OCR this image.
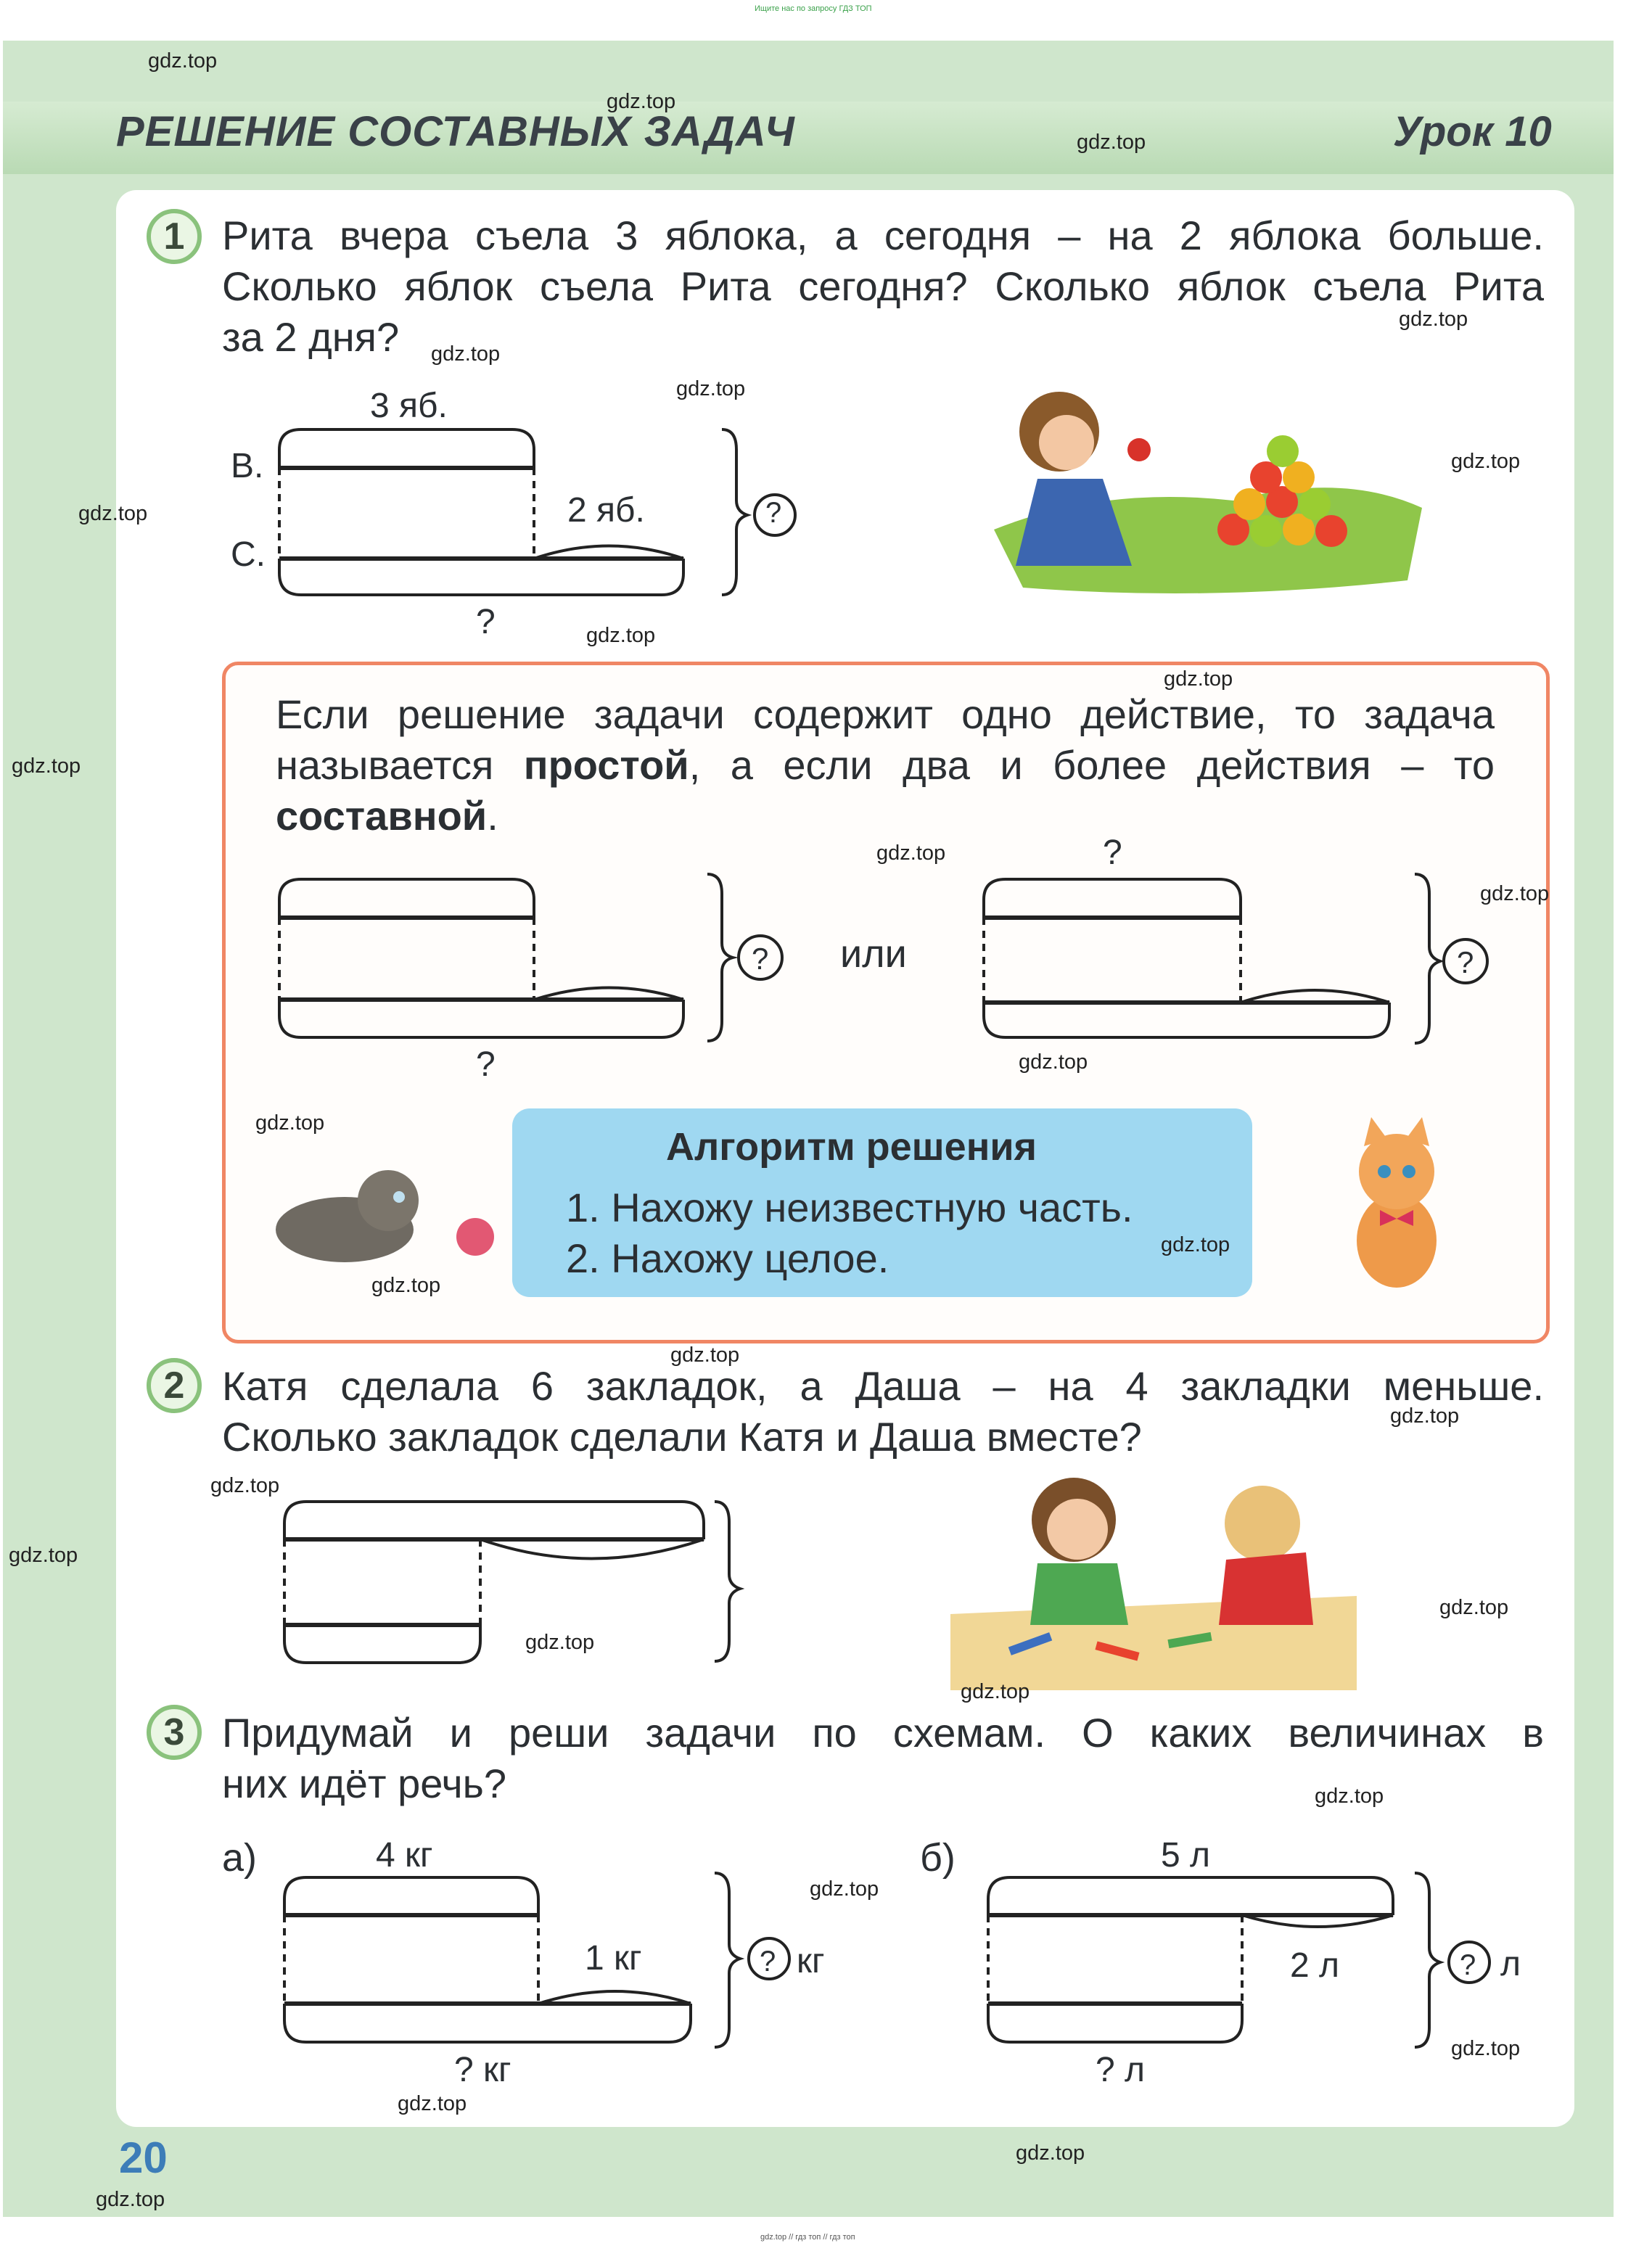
Ищите нас по запросу ГДЗ ТОП
РЕШЕНИЕ СОСТАВНЫХ ЗАДАЧ	Урок 10
1 Рита вчера съела 3 яблока, а сегодня – на 2 яблока больше.
Сколько яблок съела Рита сегодня? Сколько яблок съела Рита
за 2 дня?
3 яб.
В.
С.
2 яб.
?
?
Если решение задачи содержит одно действие, то задача
называется простой, а если два и более действия – то
составной.
?
? или
?
?
Алгоритм решения
1. Нахожу неизвестную часть.
2. Нахожу целое.
2 Катя сделала 6 закладок, а Даша – на 4 закладки меньше.
Сколько закладок сделали Катя и Даша вместе?
3 Придумай и реши задачи по схемам. О каких величинах в
них идёт речь?
а)	4 кг
1 кг
? кг
? кг
б)	5 л
2 л
? л
? л
20
gdz.top
gdz.top
gdz.top
gdz.top
gdz.top
gdz.top
gdz.top
gdz.top
gdz.top
gdz.top
gdz.top
gdz.top
gdz.top
gdz.top
gdz.top
gdz.top
gdz.top
gdz.top
gdz.top
gdz.top
gdz.top
gdz.top
gdz.top
gdz.top
gdz.top
gdz.top
gdz.top
gdz.top
gdz.top
gdz.top
gdz.top // гдз топ // гдз топ
